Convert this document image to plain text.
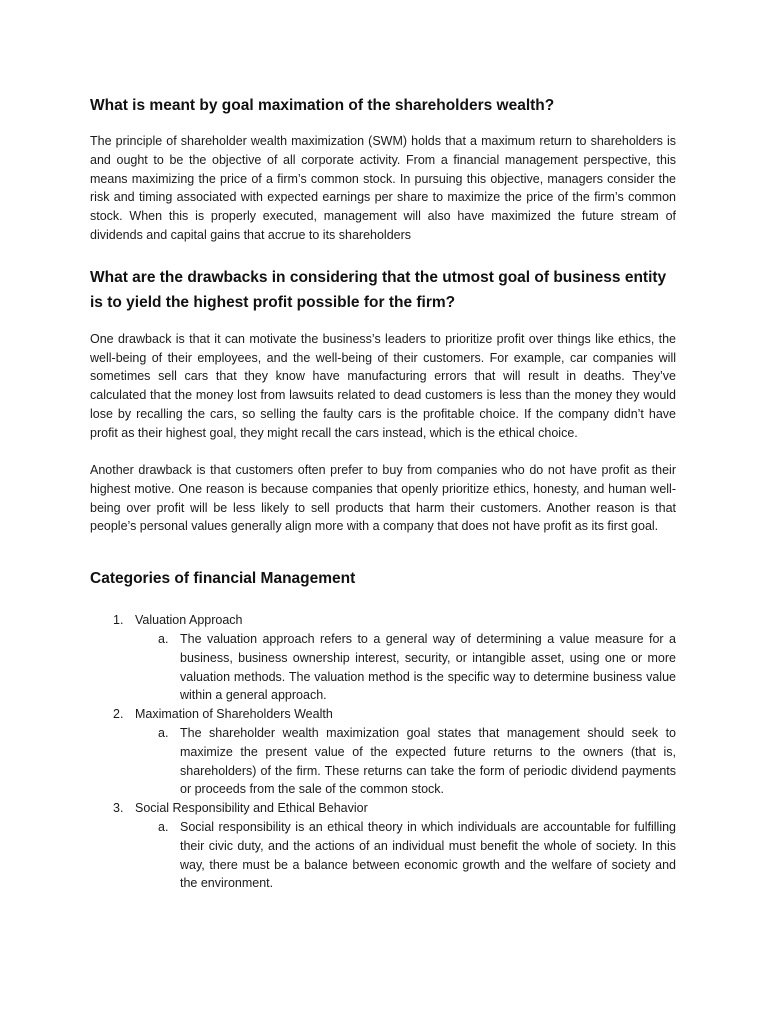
What is meant by goal maximation of the shareholders wealth?

The principle of shareholder wealth maximization (SWM) holds that a maximum return to shareholders is and ought to be the objective of all corporate activity. From a financial management perspective, this means maximizing the price of a firm’s common stock. In pursuing this objective, managers consider the risk and timing associated with expected earnings per share to maximize the price of the firm’s common stock. When this is properly executed, management will also have maximized the future stream of dividends and capital gains that accrue to its shareholders

What are the drawbacks in considering that the utmost goal of business entity is to yield the highest profit possible for the firm?

One drawback is that it can motivate the business’s leaders to prioritize profit over things like ethics, the well-being of their employees, and the well-being of their customers. For example, car companies will sometimes sell cars that they know have manufacturing errors that will result in deaths. They’ve calculated that the money lost from lawsuits related to dead customers is less than the money they would lose by recalling the cars, so selling the faulty cars is the profitable choice. If the company didn’t have profit as their highest goal, they might recall the cars instead, which is the ethical choice.

Another drawback is that customers often prefer to buy from companies who do not have profit as their highest motive. One reason is because companies that openly prioritize ethics, honesty, and human well-being over profit will be less likely to sell products that harm their customers. Another reason is that people’s personal values generally align more with a company that does not have profit as its first goal.

Categories of financial Management
1. Valuation Approach
a. The valuation approach refers to a general way of determining a value measure for a business, business ownership interest, security, or intangible asset, using one or more valuation methods. The valuation method is the specific way to determine business value within a general approach.
2. Maximation of Shareholders Wealth
a. The shareholder wealth maximization goal states that management should seek to maximize the present value of the expected future returns to the owners (that is, shareholders) of the firm. These returns can take the form of periodic dividend payments or proceeds from the sale of the common stock.
3. Social Responsibility and Ethical Behavior
a. Social responsibility is an ethical theory in which individuals are accountable for fulfilling their civic duty, and the actions of an individual must benefit the whole of society. In this way, there must be a balance between economic growth and the welfare of society and the environment.
